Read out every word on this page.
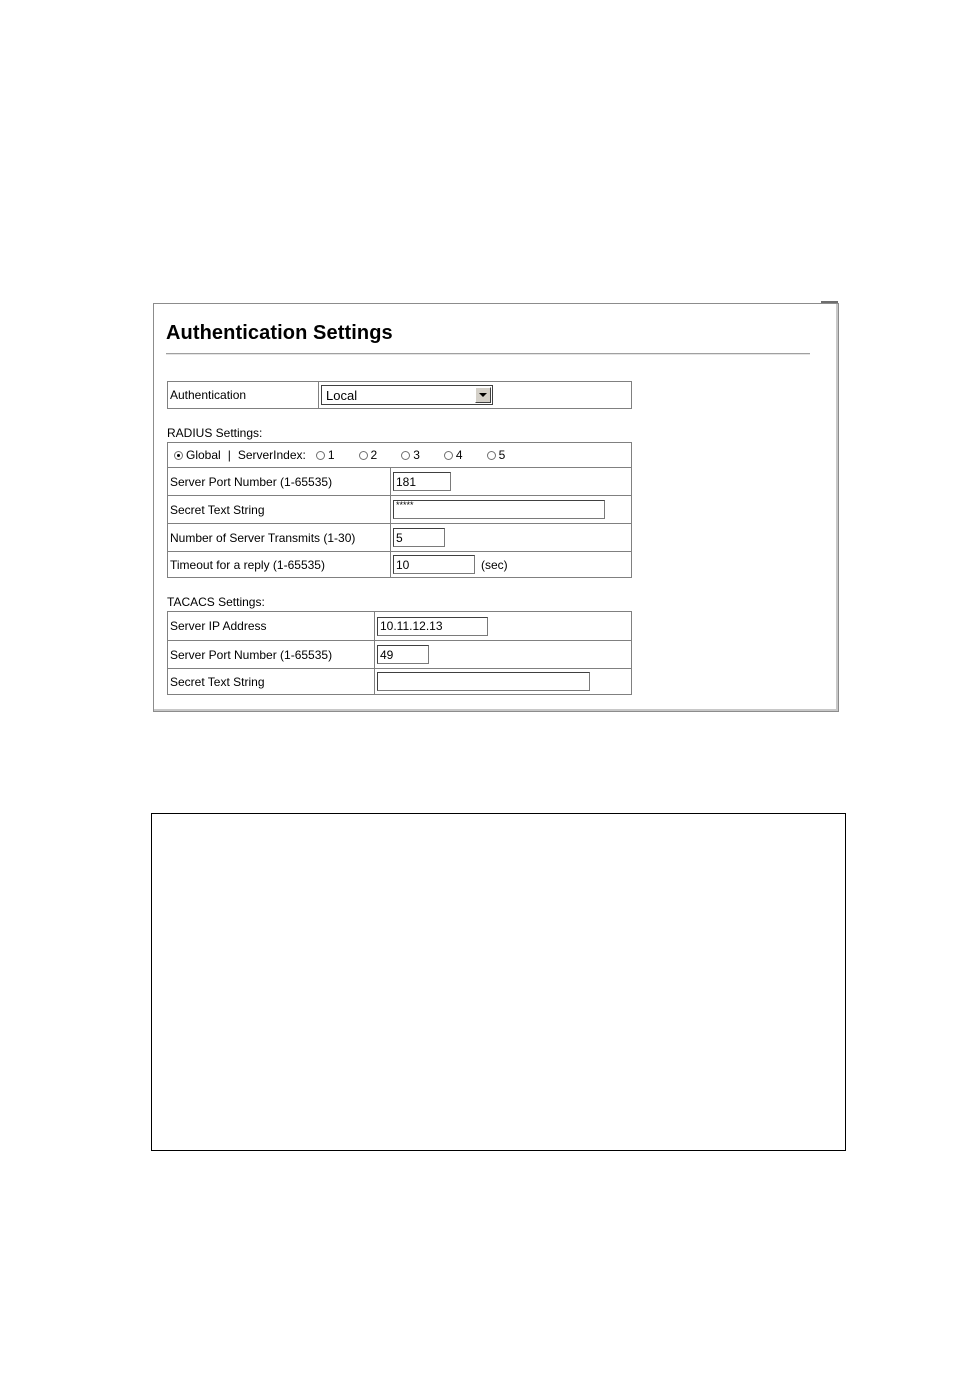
Authentication Settings
Authentication	Local
RADIUS Settings:
Global | ServerIndex: 1	2	3	4	5
Server Port Number (1-65535)	181
Secret Text String	*****
Number of Server Transmits (1-30)	5
Timeout for a reply (1-65535)	10	(sec)
TACACS Settings:
Server IP Address	10.11.12.13
Server Port Number (1-65535)	49
Secret Text String
